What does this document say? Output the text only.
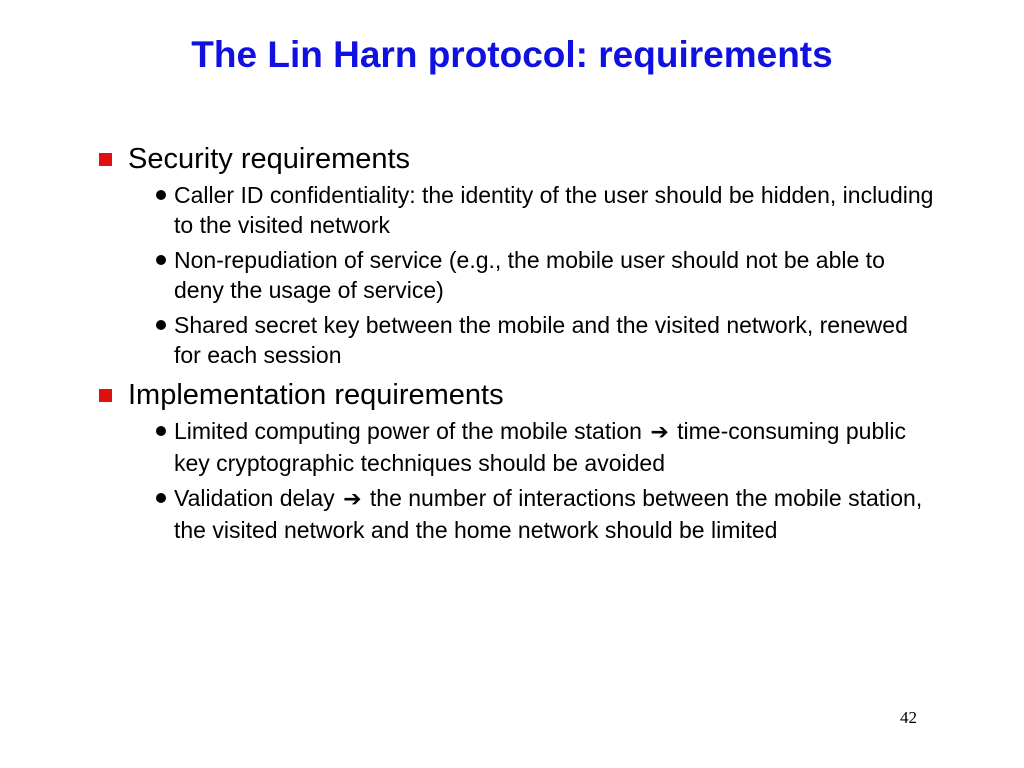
The Lin Harn protocol: requirements
Security requirements
Caller ID confidentiality: the identity of the user should be hidden, including to the visited network
Non-repudiation of service (e.g., the mobile user should not be able to deny the usage of service)
Shared secret key between the mobile and the visited network, renewed for each session
Implementation requirements
Limited computing power of the mobile station ➔ time-consuming public key cryptographic techniques should be avoided
Validation delay ➔ the number of interactions between the mobile station, the visited network and the home network should be limited
42
